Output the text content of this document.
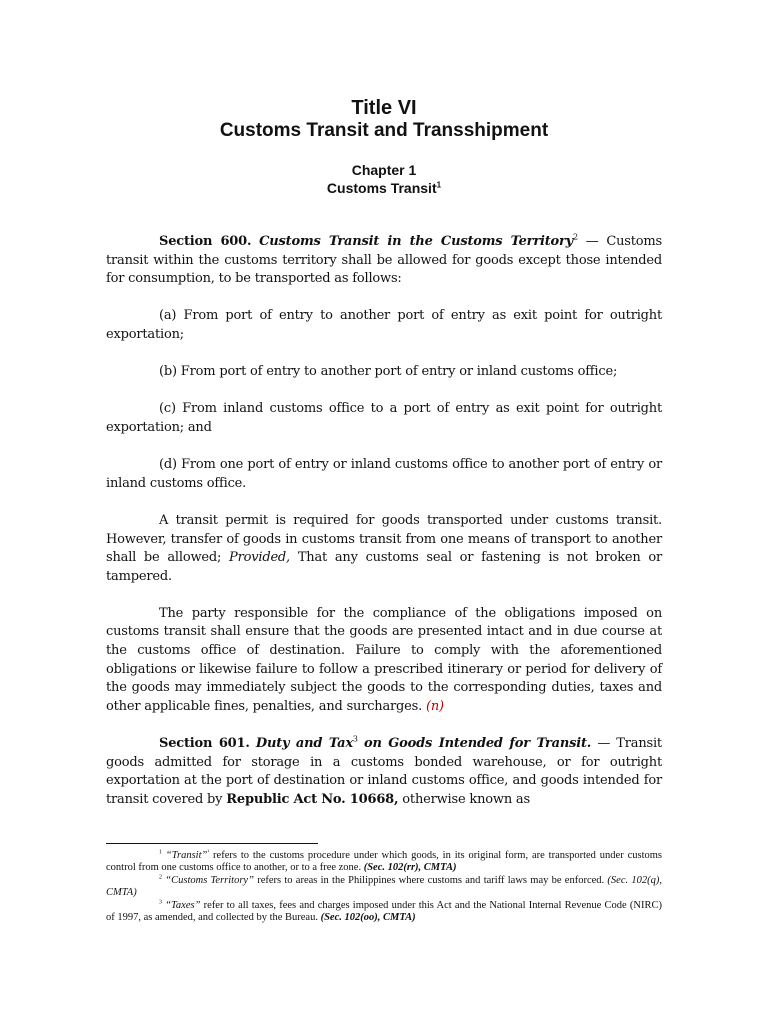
Title VI
Customs Transit and Transshipment
Chapter 1
Customs Transit$^1$

Section 600. Customs Transit in the Customs Territory$^2$ — Customs transit within the customs territory shall be allowed for goods except those intended for consumption, to be transported as follows:

(a) From port of entry to another port of entry as exit point for outright exportation;

(b) From port of entry to another port of entry or inland customs office;

(c) From inland customs office to a port of entry as exit point for outright exportation; and

(d) From one port of entry or inland customs office to another port of entry or inland customs office.

A transit permit is required for goods transported under customs transit. However, transfer of goods in customs transit from one means of transport to another shall be allowed; Provided, That any customs seal or fastening is not broken or tampered.

The party responsible for the compliance of the obligations imposed on customs transit shall ensure that the goods are presented intact and in due course at the customs office of destination. Failure to comply with the aforementioned obligations or likewise failure to follow a prescribed itinerary or period for delivery of the goods may immediately subject the goods to the corresponding duties, taxes and other applicable fines, penalties, and surcharges. (n)

Section 601. Duty and Tax$^3$ on Goods Intended for Transit. — Transit goods admitted for storage in a customs bonded warehouse, or for outright exportation at the port of destination or inland customs office, and goods intended for transit covered by Republic Act No. 10668, otherwise known as

$^1$ “Transit”$^{^1}$ refers to the customs procedure under which goods, in its original form, are transported under customs control from one customs office to another, or to a free zone. (Sec. 102(rr), CMTA)

$^2$ “Customs Territory” refers to areas in the Philippines where customs and tariff laws may be enforced. (Sec. 102(q), CMTA)

$^3$ “Taxes” refer to all taxes, fees and charges imposed under this Act and the National Internal Revenue Code (NIRC) of 1997, as amended, and collected by the Bureau. (Sec. 102(oo), CMTA)
